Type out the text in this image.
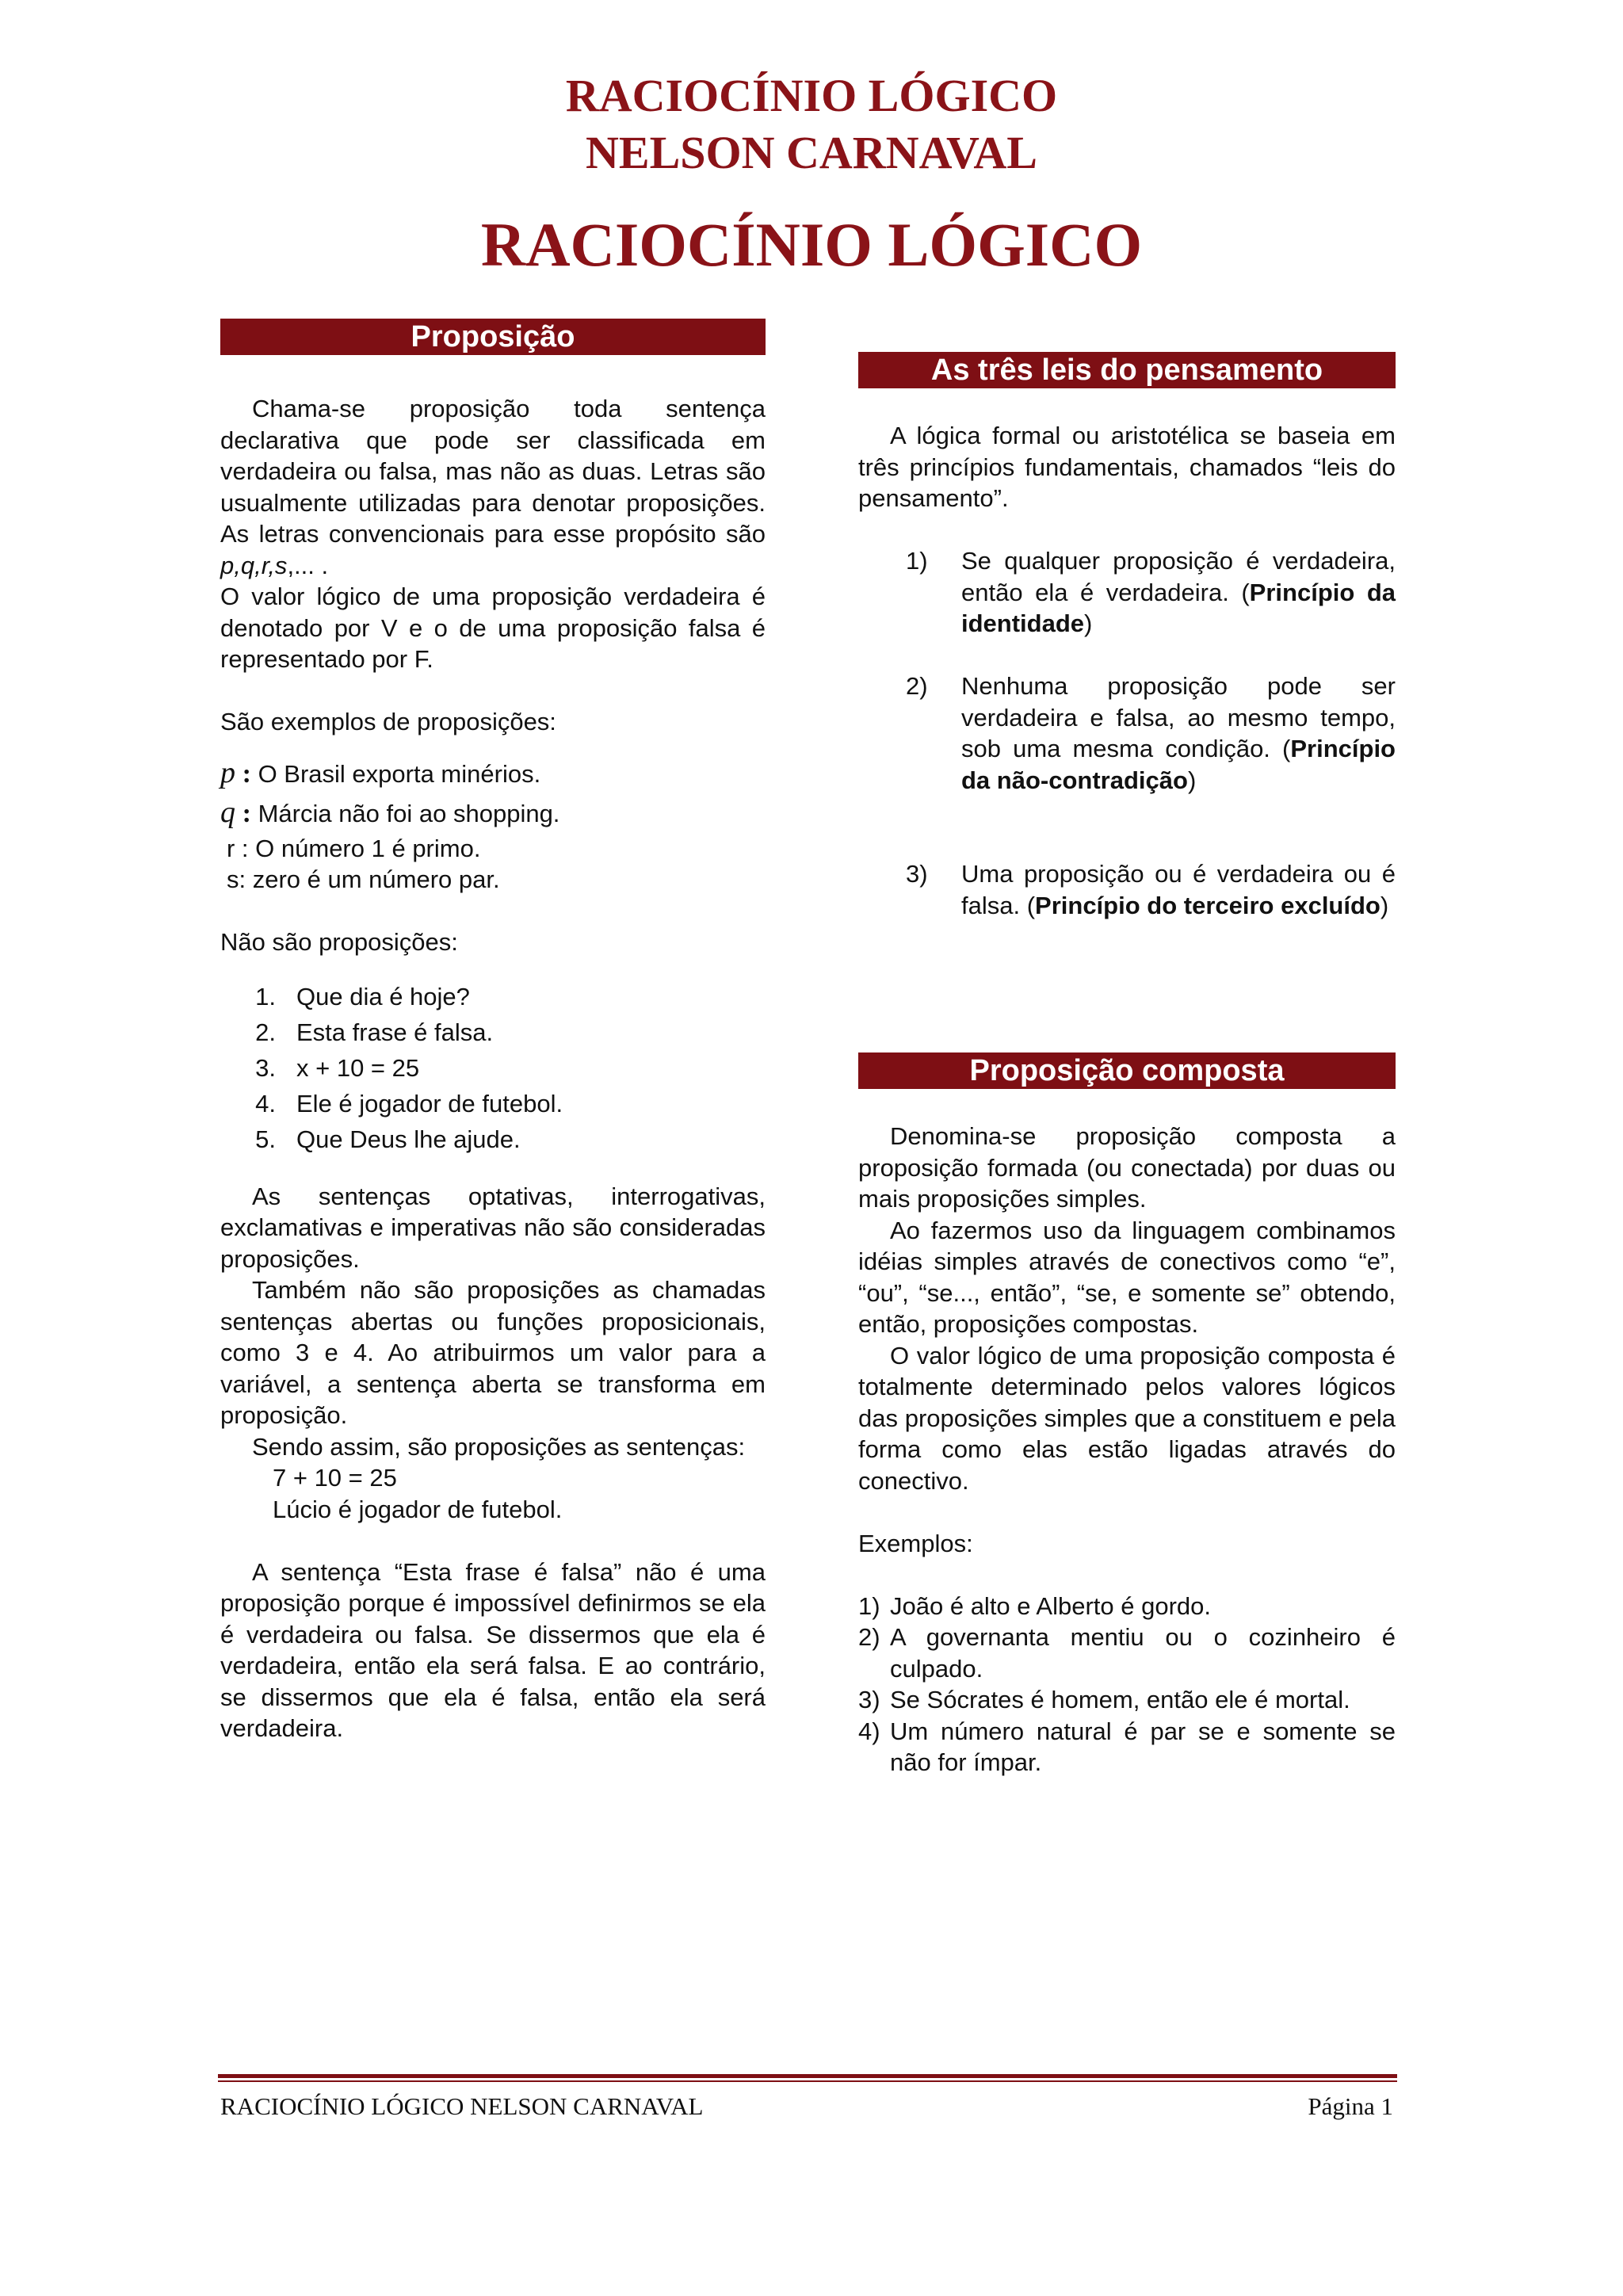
RACIOCÍNIO LÓGICO
NELSON CARNAVAL
RACIOCÍNIO LÓGICO
Proposição

Chama-se proposição toda sentença declarativa que pode ser classificada em verdadeira ou falsa, mas não as duas. Letras são usualmente utilizadas para denotar proposições. As letras convencionais para esse propósito são p,q,r,s,... .

O valor lógico de uma proposição verdadeira é denotado por V e o de uma proposição falsa é representado por F.

São exemplos de proposições:

p : O Brasil exporta minérios.

q : Márcia não foi ao shopping.

r : O número 1 é primo.

s: zero é um número par.

Não são proposições:

1. Que dia é hoje?
2. Esta frase é falsa.
3. x + 10 = 25
4. Ele é jogador de futebol.
5. Que Deus lhe ajude.

As sentenças optativas, interrogativas, exclamativas e imperativas não são consideradas proposições.

Também não são proposições as chamadas sentenças abertas ou funções proposicionais, como 3 e 4. Ao atribuirmos um valor para a variável, a sentença aberta se transforma em proposição.

Sendo assim, são proposições as sentenças:

7 + 10 = 25

Lúcio é jogador de futebol.

A sentença “Esta frase é falsa” não é uma proposição porque é impossível definirmos se ela é verdadeira ou falsa. Se dissermos que ela é verdadeira, então ela será falsa. E ao contrário, se dissermos que ela é falsa, então ela será verdadeira.

As três leis do pensamento

A lógica formal ou aristotélica se baseia em três princípios fundamentais, chamados “leis do pensamento”.

1)	Se qualquer proposição é verdadeira, então ela é verdadeira. (Princípio da identidade)
2)	Nenhuma proposição pode ser verdadeira e falsa, ao mesmo tempo, sob uma mesma condição. (Princípio da não-contradição)
3)	Uma proposição ou é verdadeira ou é falsa. (Princípio do terceiro excluído)
Proposição composta

Denomina-se proposição composta a proposição formada (ou conectada) por duas ou mais proposições simples.

Ao fazermos uso da linguagem combinamos idéias simples através de conectivos como “e”, “ou”, “se..., então”, “se, e somente se” obtendo, então, proposições compostas.

O valor lógico de uma proposição composta é totalmente determinado pelos valores lógicos das proposições simples que a constituem e pela forma como elas estão ligadas através do conectivo.

Exemplos:

1) João é alto e Alberto é gordo.
2) A governanta mentiu ou o cozinheiro é culpado.
3) Se Sócrates é homem, então ele é mortal.
4) Um número natural é par se e somente se não for ímpar.
RACIOCÍNIO LÓGICO NELSON CARNAVAL	Página 1
